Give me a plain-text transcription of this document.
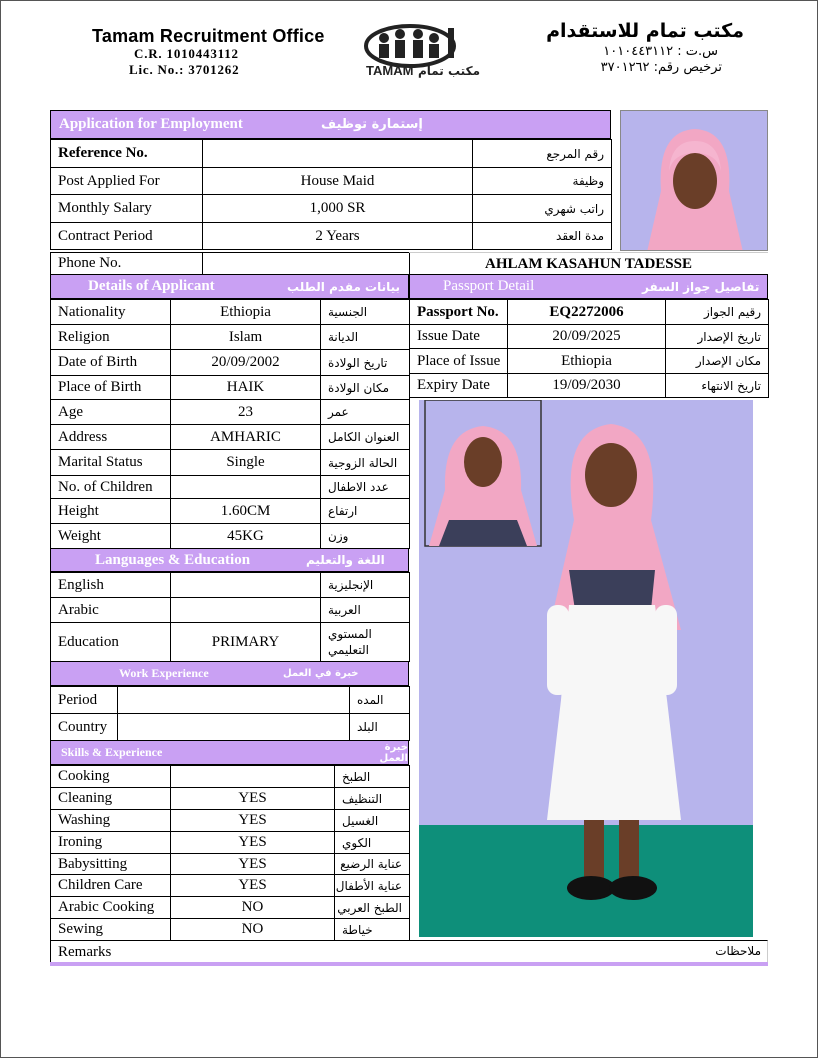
Tamam Recruitment Office
C.R. 1010443112
Lic. No.: 3701262	TAMAM مكتب تمام
مكتب تمام للاستقدام
س.ت : ١٠١٠٤٤٣١١٢
ترخيص رقم: ٣٧٠١٢٦٢
Application for Employment	إستمارة توظيف
Reference No.		رقم المرجع
Post Applied For	House Maid	وظيفة
Monthly Salary	1,000 SR	راتب شهري
Contract Period	2 Years	مدة العقد
Phone No.		AHLAM KASAHUN TADESSE
Details of Applicant	بيانات مقدم الطلب
Nationality	Ethiopia	الجنسية
Religion	Islam	الديانة
Date of Birth	20/09/2002	تاريخ الولادة
Place of Birth	HAIK	مكان الولادة
Age	23	عمر
Address	AMHARIC	العنوان الكامل
Marital Status	Single	الحالة الزوجية
No. of Children		عدد الاطفال
Height	1.60CM	ارتفاع
Weight	45KG	وزن
Passport Detail	تفاصيل جواز السفر
Passport No.	EQ2272006	رقيم الجواز
Issue Date	20/09/2025	تاريخ الإصدار
Place of Issue	Ethiopia	مكان الإصدار
Expiry Date	19/09/2030	تاريخ الانتهاء
Languages & Education	اللغة والتعليم
English		الإنجليزية
Arabic		العربية
Education	PRIMARY	المستوي التعليمي
Work Experience	خبرة في العمل
Period		المده
Country		البلد
Skills & Experience	خبرة العمل
Cooking		الطبخ
Cleaning	YES	التنظيف
Washing	YES	الغسيل
Ironing	YES	الكوي
Babysitting	YES	عناية الرضيع
Children Care	YES	عناية الأطفال
Arabic Cooking	NO	الطبخ العربي
Sewing	NO	خياطة
Remarks	ملاحظات
